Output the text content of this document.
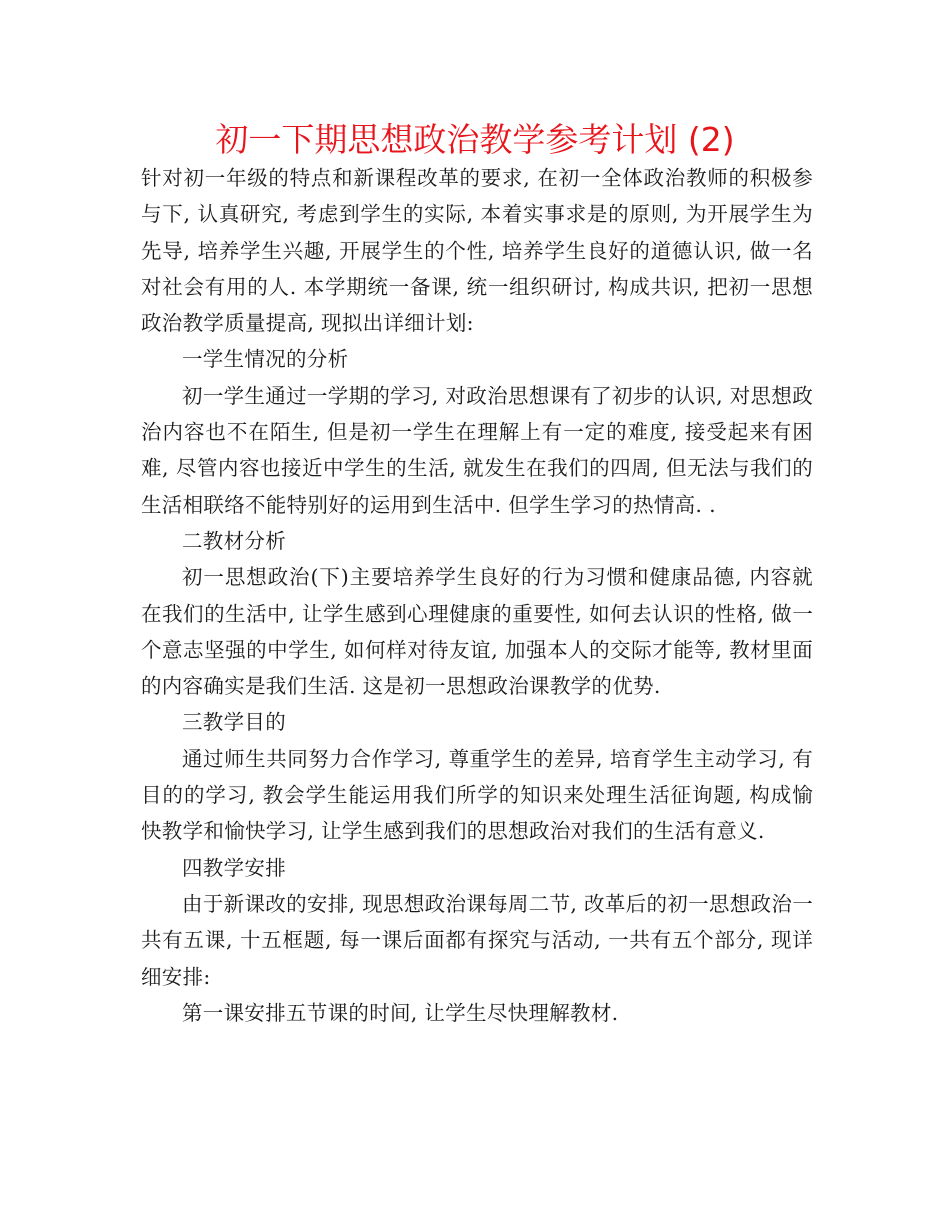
初一下期思想政治教学参考计划 (2)

针对初一年级的特点和新课程改革的要求, 在初一全体政治教师的积极参与下, 认真研究, 考虑到学生的实际, 本着实事求是的原则, 为开展学生为先导, 培养学生兴趣, 开展学生的个性, 培养学生良好的道德认识, 做一名对社会有用的人. 本学期统一备课, 统一组织研讨, 构成共识, 把初一思想政治教学质量提高, 现拟出详细计划:

一学生情况的分析

初一学生通过一学期的学习, 对政治思想课有了初步的认识, 对思想政治内容也不在陌生, 但是初一学生在理解上有一定的难度, 接受起来有困难, 尽管内容也接近中学生的生活, 就发生在我们的四周, 但无法与我们的生活相联络不能特别好的运用到生活中. 但学生学习的热情高. .

二教材分析

初一思想政治(下)主要培养学生良好的行为习惯和健康品德, 内容就在我们的生活中, 让学生感到心理健康的重要性, 如何去认识的性格, 做一个意志坚强的中学生, 如何样对待友谊, 加强本人的交际才能等, 教材里面的内容确实是我们生活. 这是初一思想政治课教学的优势.

三教学目的

通过师生共同努力合作学习, 尊重学生的差异, 培育学生主动学习, 有目的的学习, 教会学生能运用我们所学的知识来处理生活征询题, 构成愉快教学和愉快学习, 让学生感到我们的思想政治对我们的生活有意义.

四教学安排

由于新课改的安排, 现思想政治课每周二节, 改革后的初一思想政治一共有五课, 十五框题, 每一课后面都有探究与活动, 一共有五个部分, 现详细安排:

第一课安排五节课的时间, 让学生尽快理解教材.
